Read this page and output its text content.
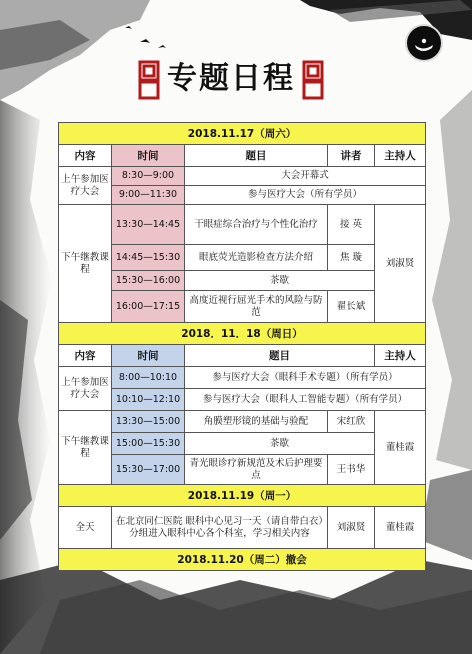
专题日程
2018.11.17（周六）				
内容	时间	题目	讲者	主持人
上午参加医疗大会	8:30—9:00	大会开幕式		
	9:00—11:30	参与医疗大会（所有学员）		
下午继教课程	13:30—14:45	干眼症综合治疗与个性化治疗	接 英	刘淑贤
	14:45—15:30	眼底荧光造影检查方法介绍	焦 璇	
	15:30—16:00	茶歇		
	16:00—17:15	高度近视行屈光手术的风险与防范	翟长斌	
2018．11．18（周日）				
内容	时间	题目		主持人
上午参加医疗大会	8:00—10:10	参与医疗大会（眼科手术专题）（所有学员）		
	10:10—12:10	参与医疗大会（眼科人工智能专题）（所有学员）		
下午继教课程	13:30—15:00	角膜塑形镜的基础与验配	宋红欣	董桂霞
	15:00—15:30	茶歇		
	15:30—17:00	青光眼诊疗新规范及术后护理要点	王书华	
2018.11.19（周一）				
全天	在北京同仁医院 眼科中心见习一天（请自带白衣）分组进入眼科中心各个科室，学习相关内容		刘淑贤	董桂霞
2018.11.20（周二）撤会				
